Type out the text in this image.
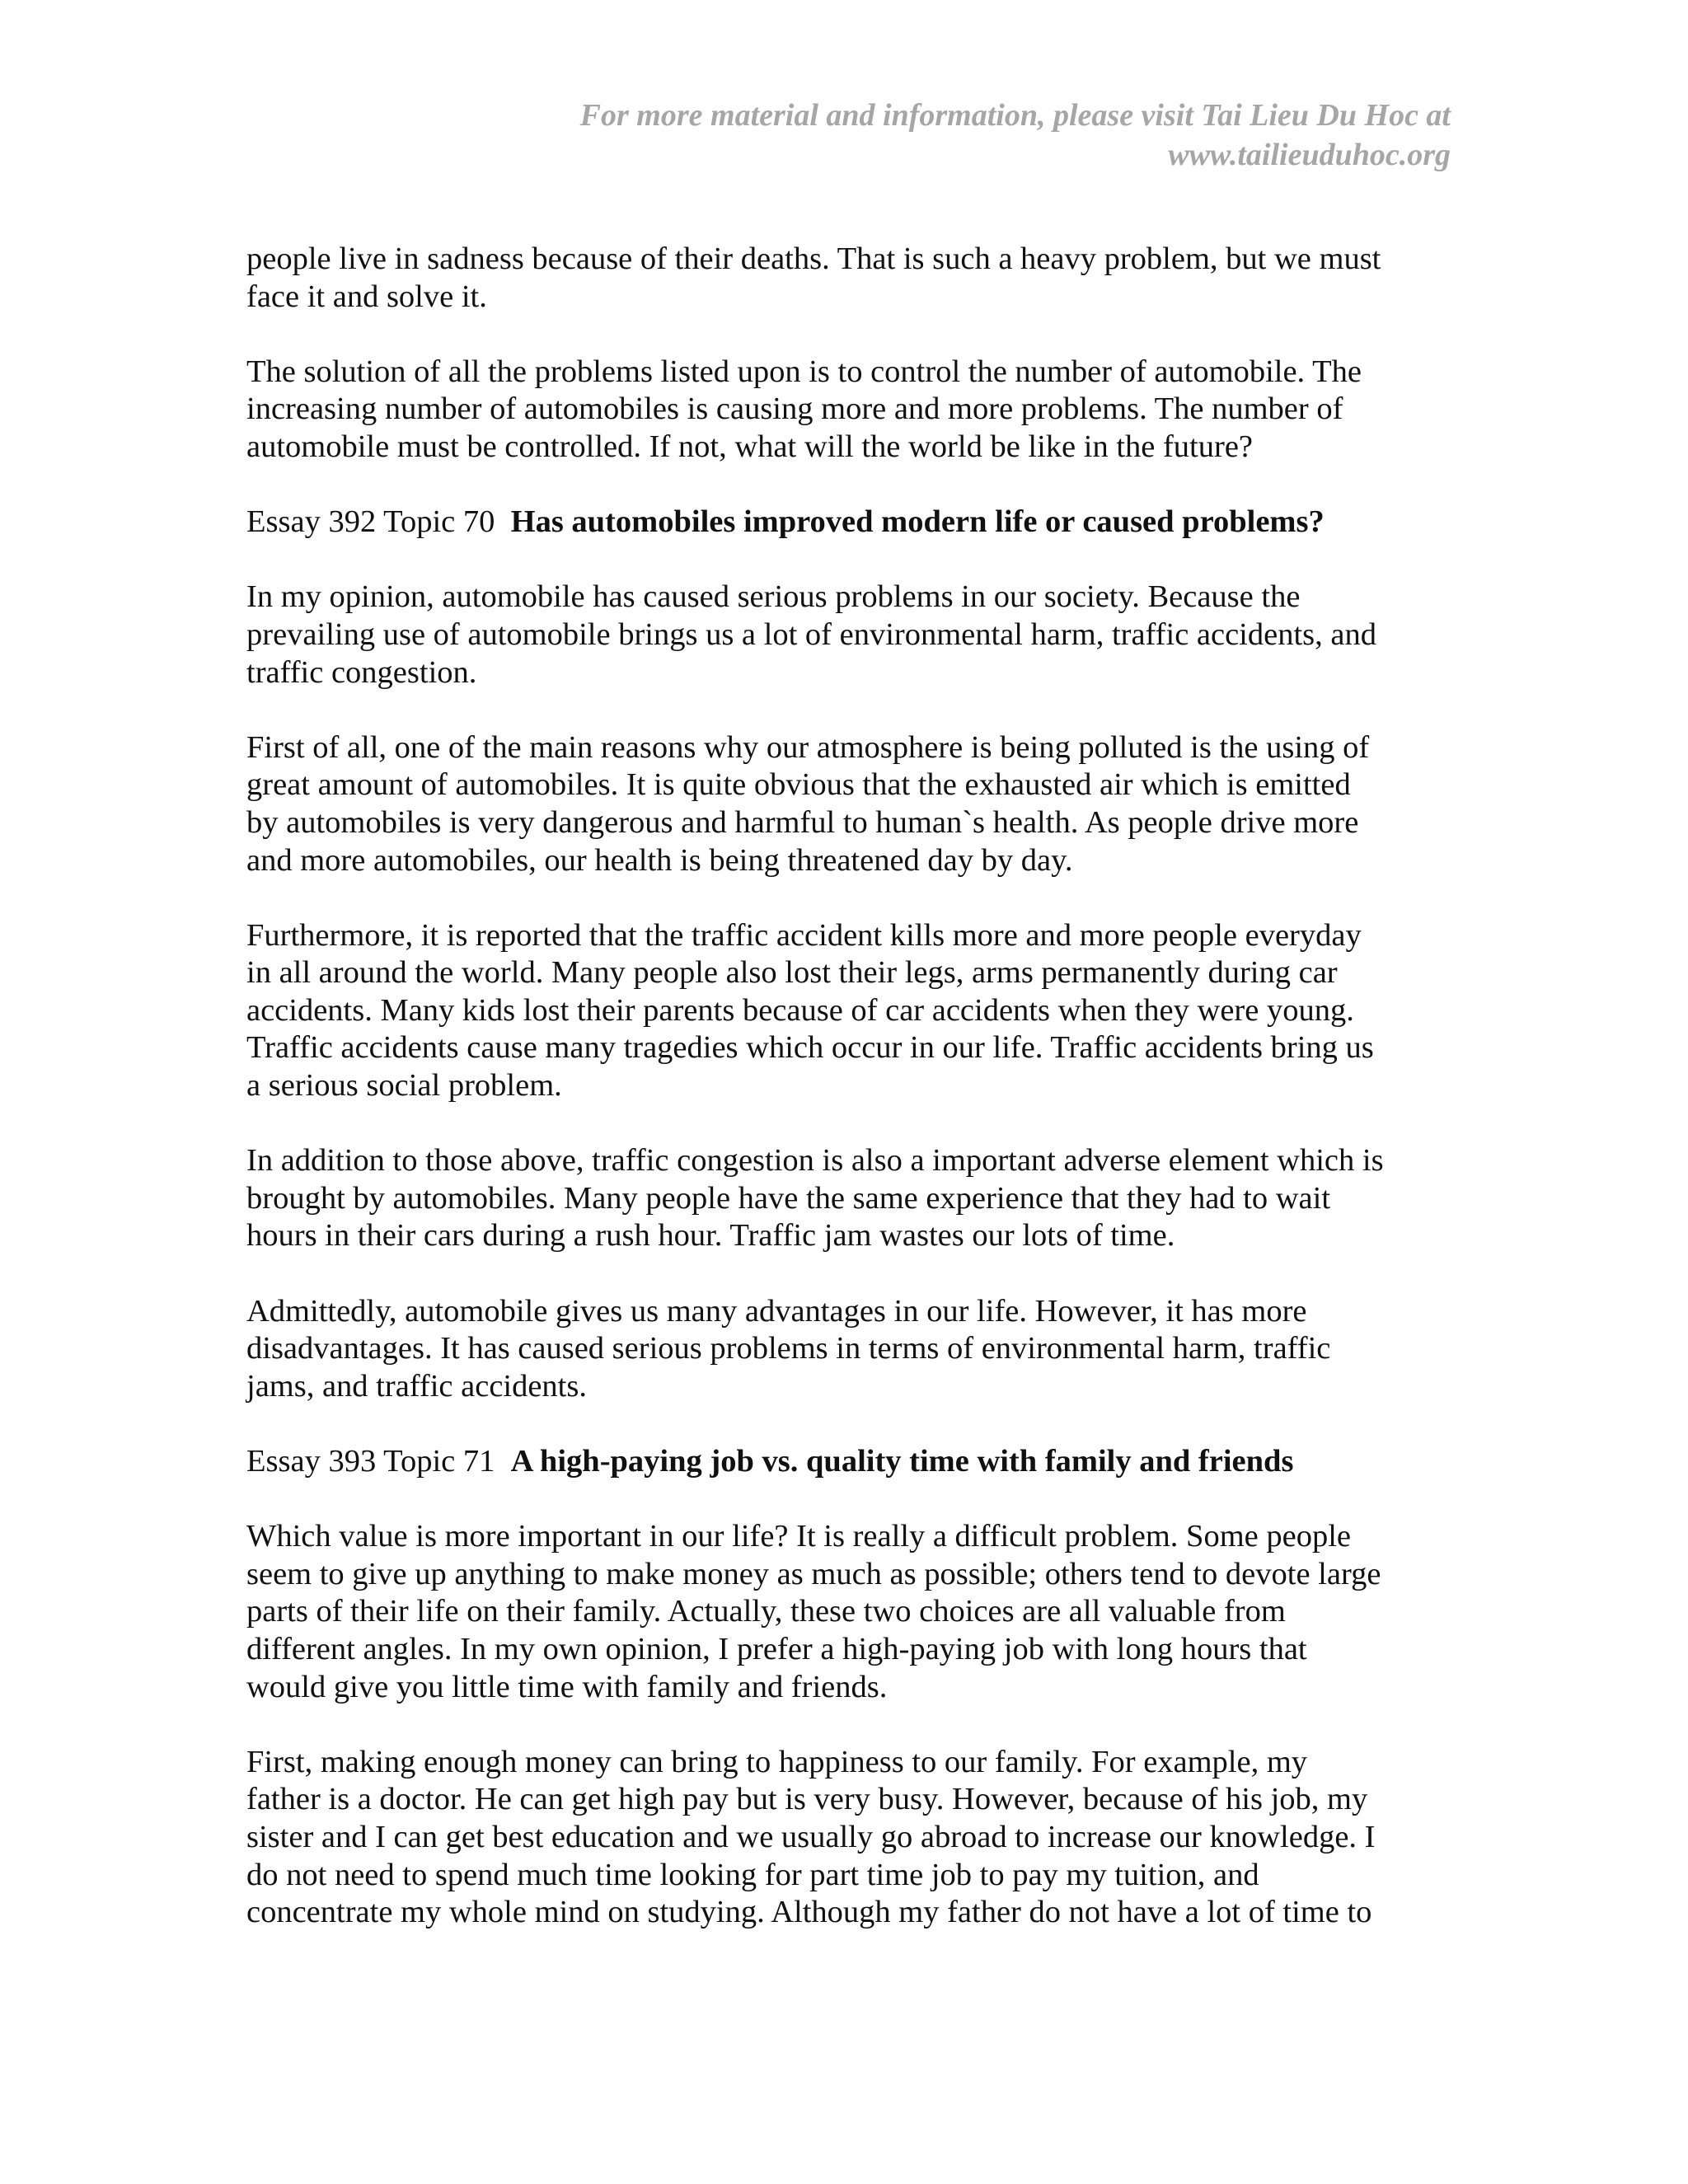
For more material and information, please visit Tai Lieu Du Hoc at
www.tailieuduhoc.org

people live in sadness because of their deaths. That is such a heavy problem, but we must
face it and solve it.

The solution of all the problems listed upon is to control the number of automobile. The
increasing number of automobiles is causing more and more problems. The number of
automobile must be controlled. If not, what will the world be like in the future?

Essay 392 Topic 70 Has automobiles improved modern life or caused problems?

In my opinion, automobile has caused serious problems in our society. Because the
prevailing use of automobile brings us a lot of environmental harm, traffic accidents, and
traffic congestion.

First of all, one of the main reasons why our atmosphere is being polluted is the using of
great amount of automobiles. It is quite obvious that the exhausted air which is emitted
by automobiles is very dangerous and harmful to human`s health. As people drive more
and more automobiles, our health is being threatened day by day.

Furthermore, it is reported that the traffic accident kills more and more people everyday
in all around the world. Many people also lost their legs, arms permanently during car
accidents. Many kids lost their parents because of car accidents when they were young.
Traffic accidents cause many tragedies which occur in our life. Traffic accidents bring us
a serious social problem.

In addition to those above, traffic congestion is also a important adverse element which is
brought by automobiles. Many people have the same experience that they had to wait
hours in their cars during a rush hour. Traffic jam wastes our lots of time.

Admittedly, automobile gives us many advantages in our life. However, it has more
disadvantages. It has caused serious problems in terms of environmental harm, traffic
jams, and traffic accidents.

Essay 393 Topic 71 A high-paying job vs. quality time with family and friends

Which value is more important in our life? It is really a difficult problem. Some people
seem to give up anything to make money as much as possible; others tend to devote large
parts of their life on their family. Actually, these two choices are all valuable from
different angles. In my own opinion, I prefer a high-paying job with long hours that
would give you little time with family and friends.

First, making enough money can bring to happiness to our family. For example, my
father is a doctor. He can get high pay but is very busy. However, because of his job, my
sister and I can get best education and we usually go abroad to increase our knowledge. I
do not need to spend much time looking for part time job to pay my tuition, and
concentrate my whole mind on studying. Although my father do not have a lot of time to
